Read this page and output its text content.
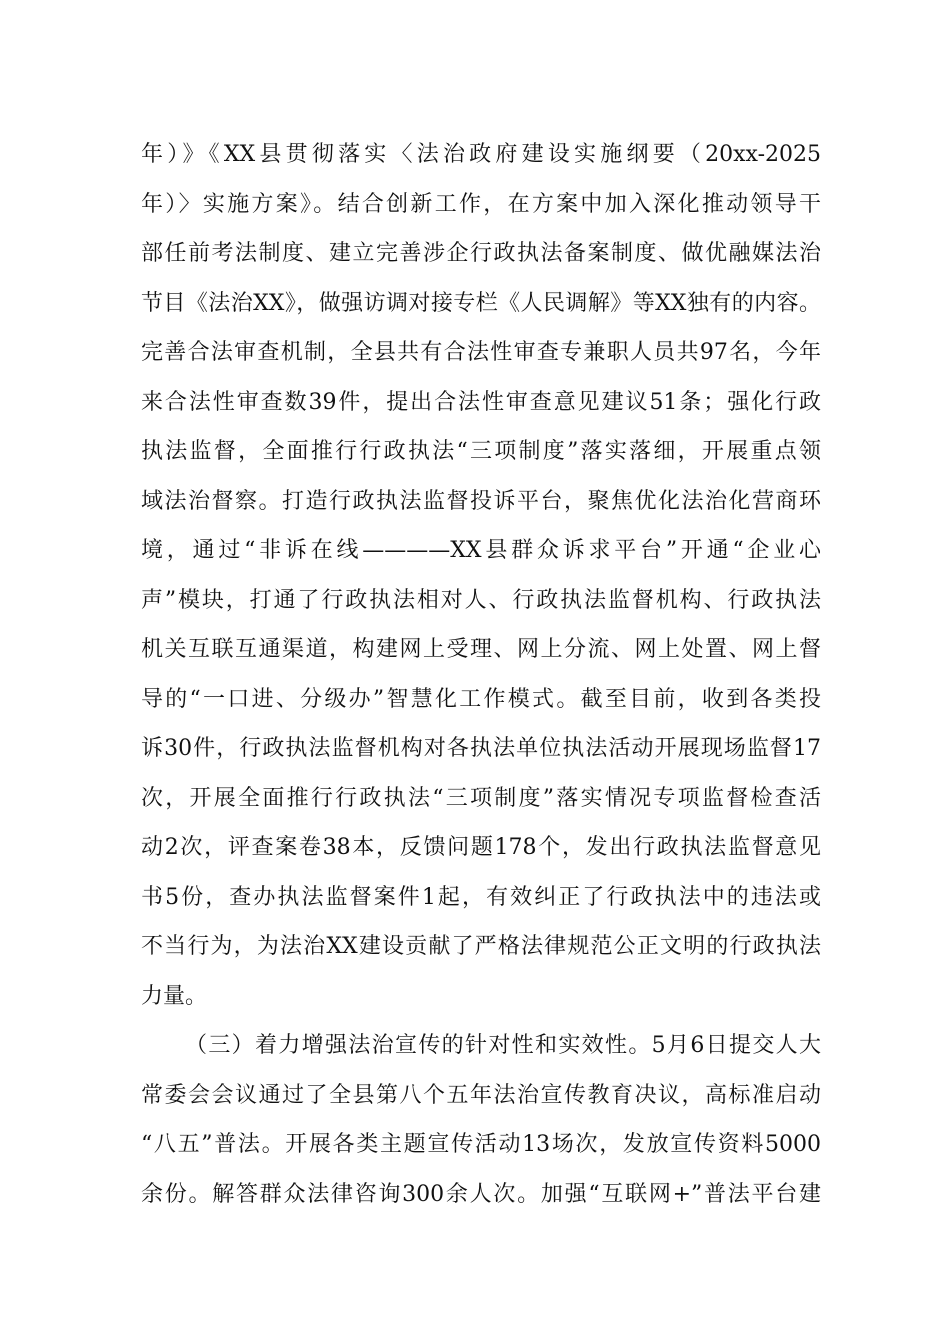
年）》《XX县贯彻落实〈法治政府建设实施纲要（20xx-2025
年）〉实施方案》。结合创新工作，在方案中加入深化推动领导干
部任前考法制度、建立完善涉企行政执法备案制度、做优融媒法治
节目《法治XX》，做强访调对接专栏《人民调解》等XX独有的内容。
完善合法审查机制，全县共有合法性审查专兼职人员共97名，今年
来合法性审查数39件，提出合法性审查意见建议51条；强化行政
执法监督，全面推行行政执法“三项制度”落实落细，开展重点领
域法治督察。打造行政执法监督投诉平台，聚焦优化法治化营商环
境，通过“非诉在线————XX县群众诉求平台”开通“企业心
声”模块，打通了行政执法相对人、行政执法监督机构、行政执法
机关互联互通渠道，构建网上受理、网上分流、网上处置、网上督
导的“一口进、分级办”智慧化工作模式。截至目前，收到各类投
诉30件，行政执法监督机构对各执法单位执法活动开展现场监督17
次，开展全面推行行政执法“三项制度”落实情况专项监督检查活
动2次，评查案卷38本，反馈问题178个，发出行政执法监督意见
书5份，查办执法监督案件1起，有效纠正了行政执法中的违法或
不当行为，为法治XX建设贡献了严格法律规范公正文明的行政执法
力量。
（三）着力增强法治宣传的针对性和实效性。5月6日提交人大
常委会会议通过了全县第八个五年法治宣传教育决议，高标准启动
“八五”普法。开展各类主题宣传活动13场次，发放宣传资料5000
余份。解答群众法律咨询300余人次。加强“互联网+”普法平台建
